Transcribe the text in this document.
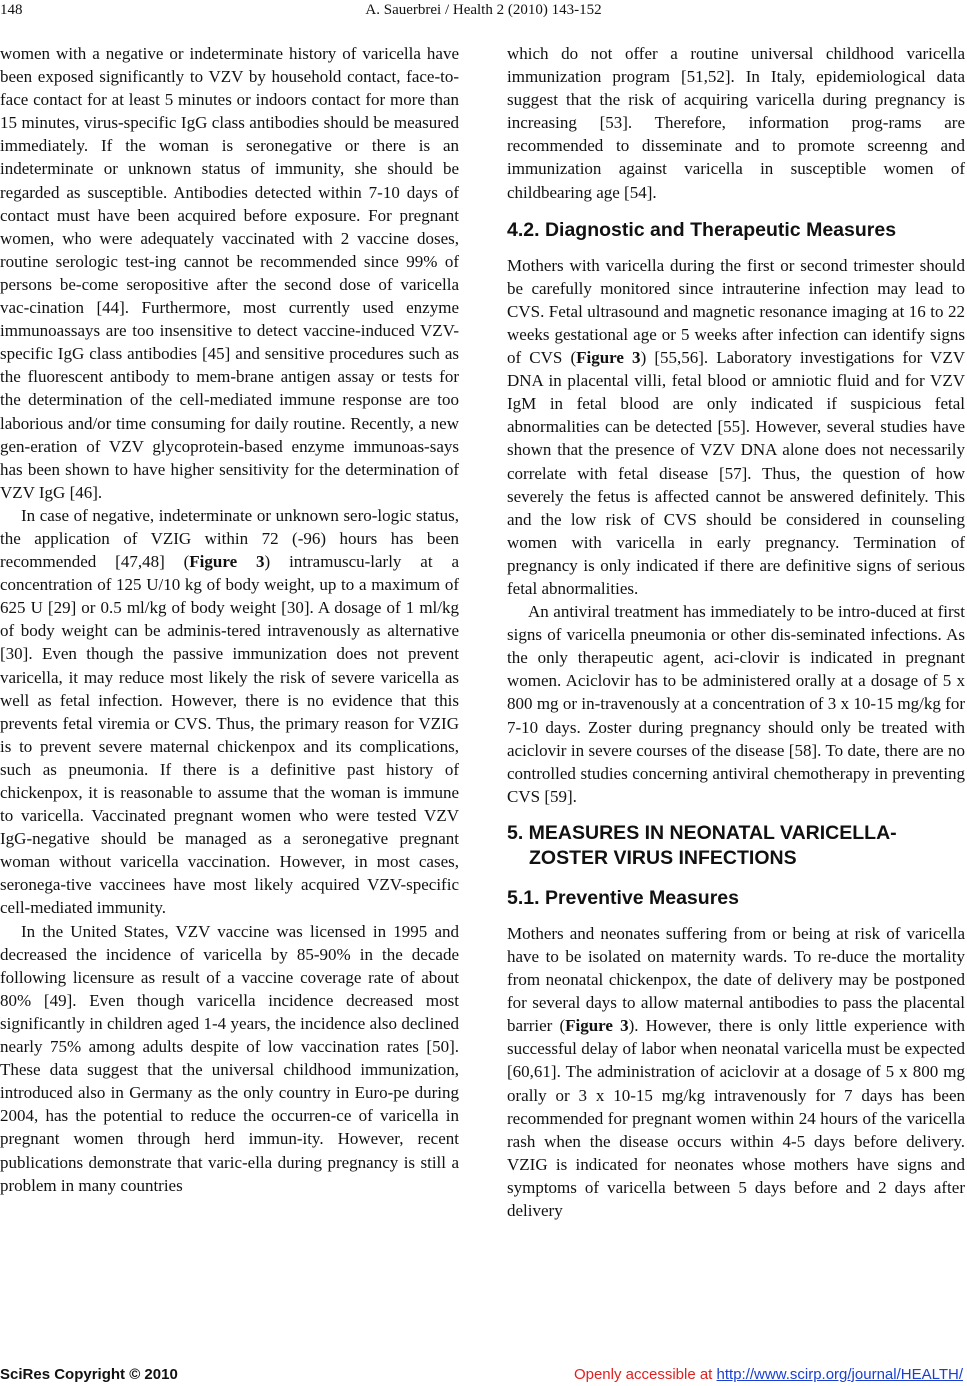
148	A. Sauerbrei / Health 2 (2010) 143-152

women with a negative or indeterminate history of varicella have been exposed significantly to VZV by household contact, face-to-face contact for at least 5 minutes or indoors contact for more than 15 minutes, virus-specific IgG class antibodies should be measured immediately. If the woman is seronegative or there is an indeterminate or unknown status of immunity, she should be regarded as susceptible. Antibodies detected within 7-10 days of contact must have been acquired before exposure. For pregnant women, who were adequately vaccinated with 2 vaccine doses, routine serologic test-ing cannot be recommended since 99% of persons be-come seropositive after the second dose of varicella vac-cination [44]. Furthermore, most currently used enzyme immunoassays are too insensitive to detect vaccine-induced VZV-specific IgG class antibodies [45] and sensitive procedures such as the fluorescent antibody to mem-brane antigen assay or tests for the determination of the cell-mediated immune response are too laborious and/or time consuming for daily routine. Recently, a new gen-eration of VZV glycoprotein-based enzyme immunoas-says has been shown to have higher sensitivity for the determination of VZV IgG [46].

In case of negative, indeterminate or unknown sero-logic status, the application of VZIG within 72 (-96) hours has been recommended [47,48] (Figure 3) intramuscu-larly at a concentration of 125 U/10 kg of body weight, up to a maximum of 625 U [29] or 0.5 ml/kg of body weight [30]. A dosage of 1 ml/kg of body weight can be adminis-tered intravenously as alternative [30]. Even though the passive immunization does not prevent varicella, it may reduce most likely the risk of severe varicella as well as fetal infection. However, there is no evidence that this prevents fetal viremia or CVS. Thus, the primary reason for VZIG is to prevent severe maternal chickenpox and its complications, such as pneumonia. If there is a definitive past history of chickenpox, it is reasonable to assume that the woman is immune to varicella. Vaccinated pregnant women who were tested VZV IgG-negative should be managed as a seronegative pregnant woman without varicella vaccination. However, in most cases, seronega-tive vaccinees have most likely acquired VZV-specific cell-mediated immunity.

In the United States, VZV vaccine was licensed in 1995 and decreased the incidence of varicella by 85-90% in the decade following licensure as result of a vaccine coverage rate of about 80% [49]. Even though varicella incidence decreased most significantly in children aged 1-4 years, the incidence also declined nearly 75% among adults despite of low vaccination rates [50]. These data suggest that the universal childhood immunization, introduced also in Germany as the only country in Euro-pe during 2004, has the potential to reduce the occurren-ce of varicella in pregnant women through herd immun-ity. However, recent publications demonstrate that varic-ella during pregnancy is still a problem in many countries

which do not offer a routine universal childhood varicella immunization program [51,52]. In Italy, epidemiological data suggest that the risk of acquiring varicella during pregnancy is increasing [53]. Therefore, information prog-rams are recommended to disseminate and to promote screenng and immunization against varicella in susceptible women of childbearing age [54].

4.2. Diagnostic and Therapeutic Measures

Mothers with varicella during the first or second trimester should be carefully monitored since intrauterine infection may lead to CVS. Fetal ultrasound and magnetic resonance imaging at 16 to 22 weeks gestational age or 5 weeks after infection can identify signs of CVS (Figure 3) [55,56]. Laboratory investigations for VZV DNA in placental villi, fetal blood or amniotic fluid and for VZV IgM in fetal blood are only indicated if suspicious fetal abnormalities can be detected [55]. However, several studies have shown that the presence of VZV DNA alone does not necessarily correlate with fetal disease [57]. Thus, the question of how severely the fetus is affected cannot be answered definitely. This and the low risk of CVS should be considered in counseling women with varicella in early pregnancy. Termination of pregnancy is only indicated if there are definitive signs of serious fetal abnormalities.

An antiviral treatment has immediately to be intro-duced at first signs of varicella pneumonia or other dis-seminated infections. As the only therapeutic agent, aci-clovir is indicated in pregnant women. Aciclovir has to be administered orally at a dosage of 5 x 800 mg or in-travenously at a concentration of 3 x 10-15 mg/kg for 7-10 days. Zoster during pregnancy should only be treated with aciclovir in severe courses of the disease [58]. To date, there are no controlled studies concerning antiviral chemotherapy in preventing CVS [59].

5. MEASURES IN NEONATAL VARICELLA-ZOSTER VIRUS INFECTIONS
5.1. Preventive Measures

Mothers and neonates suffering from or being at risk of varicella have to be isolated on maternity wards. To re-duce the mortality from neonatal chickenpox, the date of delivery may be postponed for several days to allow maternal antibodies to pass the placental barrier (Figure 3). However, there is only little experience with successful delay of labor when neonatal varicella must be expected [60,61]. The administration of aciclovir at a dosage of 5 x 800 mg orally or 3 x 10-15 mg/kg intravenously for 7 days has been recommended for pregnant women within 24 hours of the varicella rash when the disease occurs within 4-5 days before delivery. VZIG is indicated for neonates whose mothers have signs and symptoms of varicella between 5 days before and 2 days after delivery

SciRes Copyright © 2010	Openly accessible at http://www.scirp.org/journal/HEALTH/
